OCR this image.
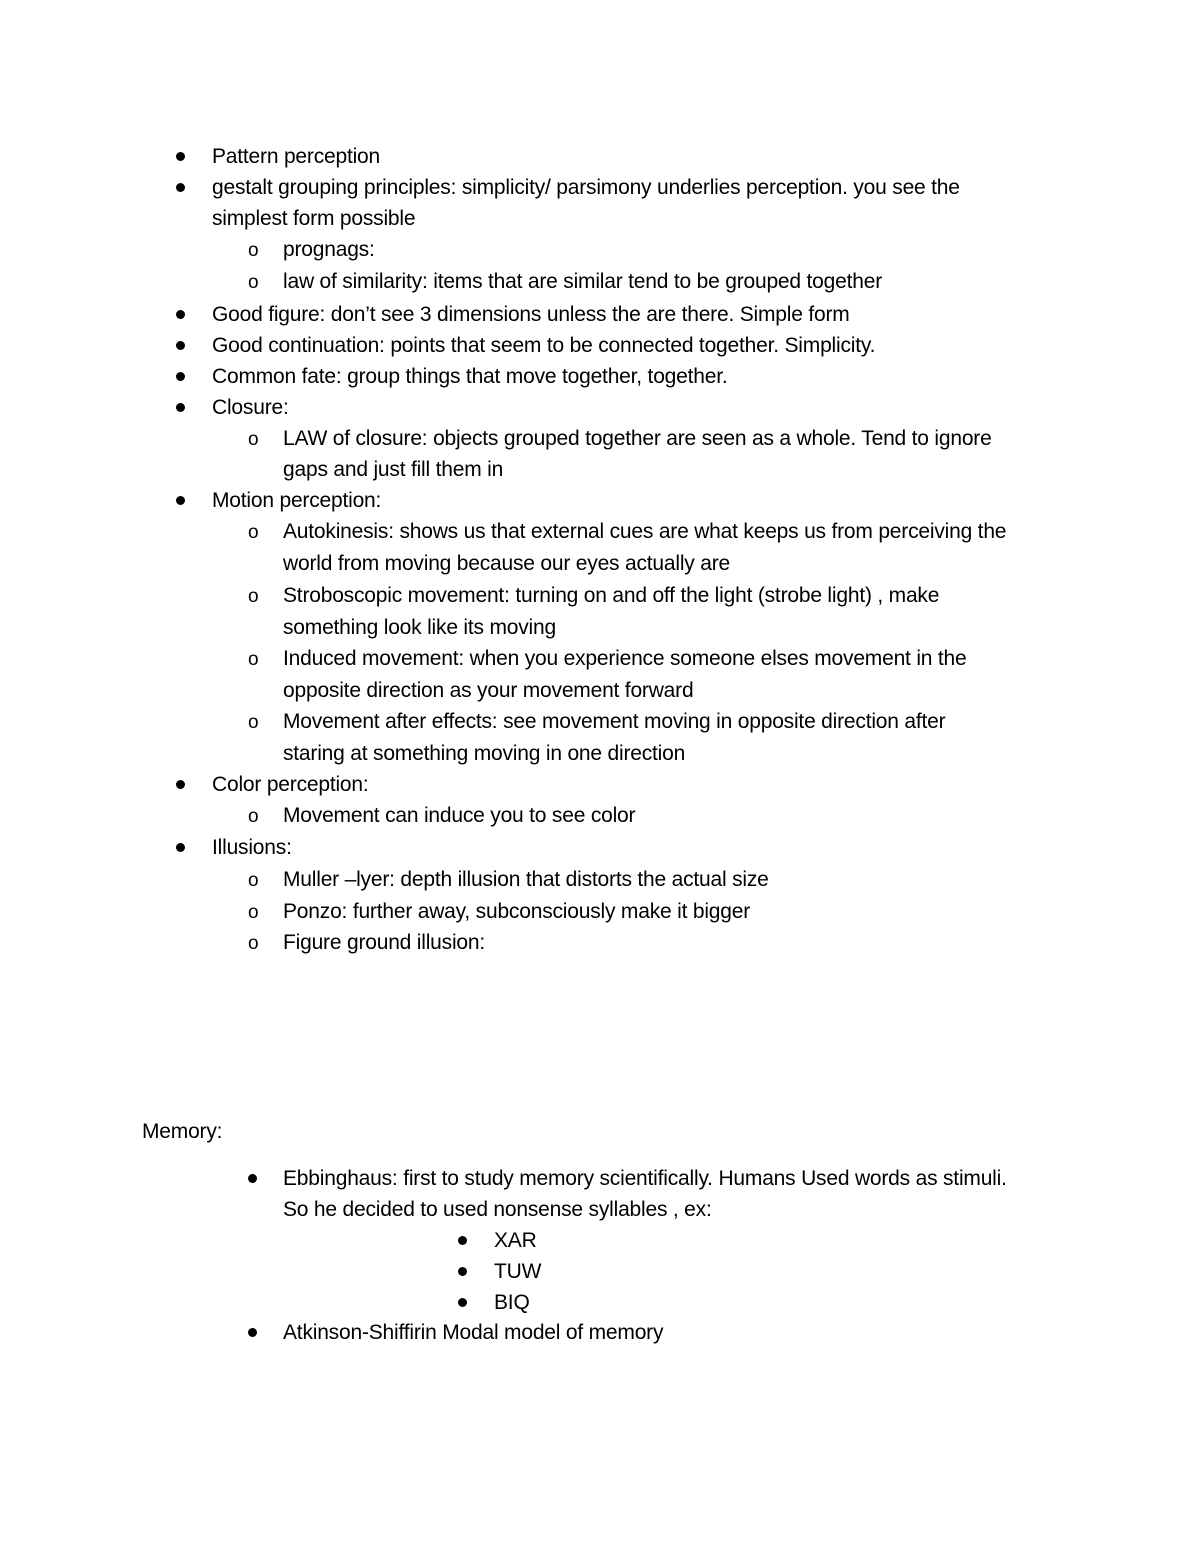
Pattern perception
gestalt grouping principles: simplicity/ parsimony underlies perception. you see the
simplest form possible
o prognags:
o law of similarity: items that are similar tend to be grouped together
Good figure: don’t see 3 dimensions unless the are there. Simple form
Good continuation: points that seem to be connected together. Simplicity.
Common fate: group things that move together, together.
Closure:
o LAW of closure: objects grouped together are seen as a whole. Tend to ignore
gaps and just fill them in
Motion perception:
o Autokinesis: shows us that external cues are what keeps us from perceiving the
world from moving because our eyes actually are
o Stroboscopic movement: turning on and off the light (strobe light) , make
something look like its moving
o Induced movement: when you experience someone elses movement in the
opposite direction as your movement forward
o Movement after effects: see movement moving in opposite direction after
staring at something moving in one direction
Color perception:
o Movement can induce you to see color
Illusions:
o Muller –lyer: depth illusion that distorts the actual size
o Ponzo: further away, subconsciously make it bigger
o Figure ground illusion:
Memory:
Ebbinghaus: first to study memory scientifically. Humans Used words as stimuli.
So he decided to used nonsense syllables , ex:
XAR
TUW
BIQ
Atkinson-Shiffirin Modal model of memory
